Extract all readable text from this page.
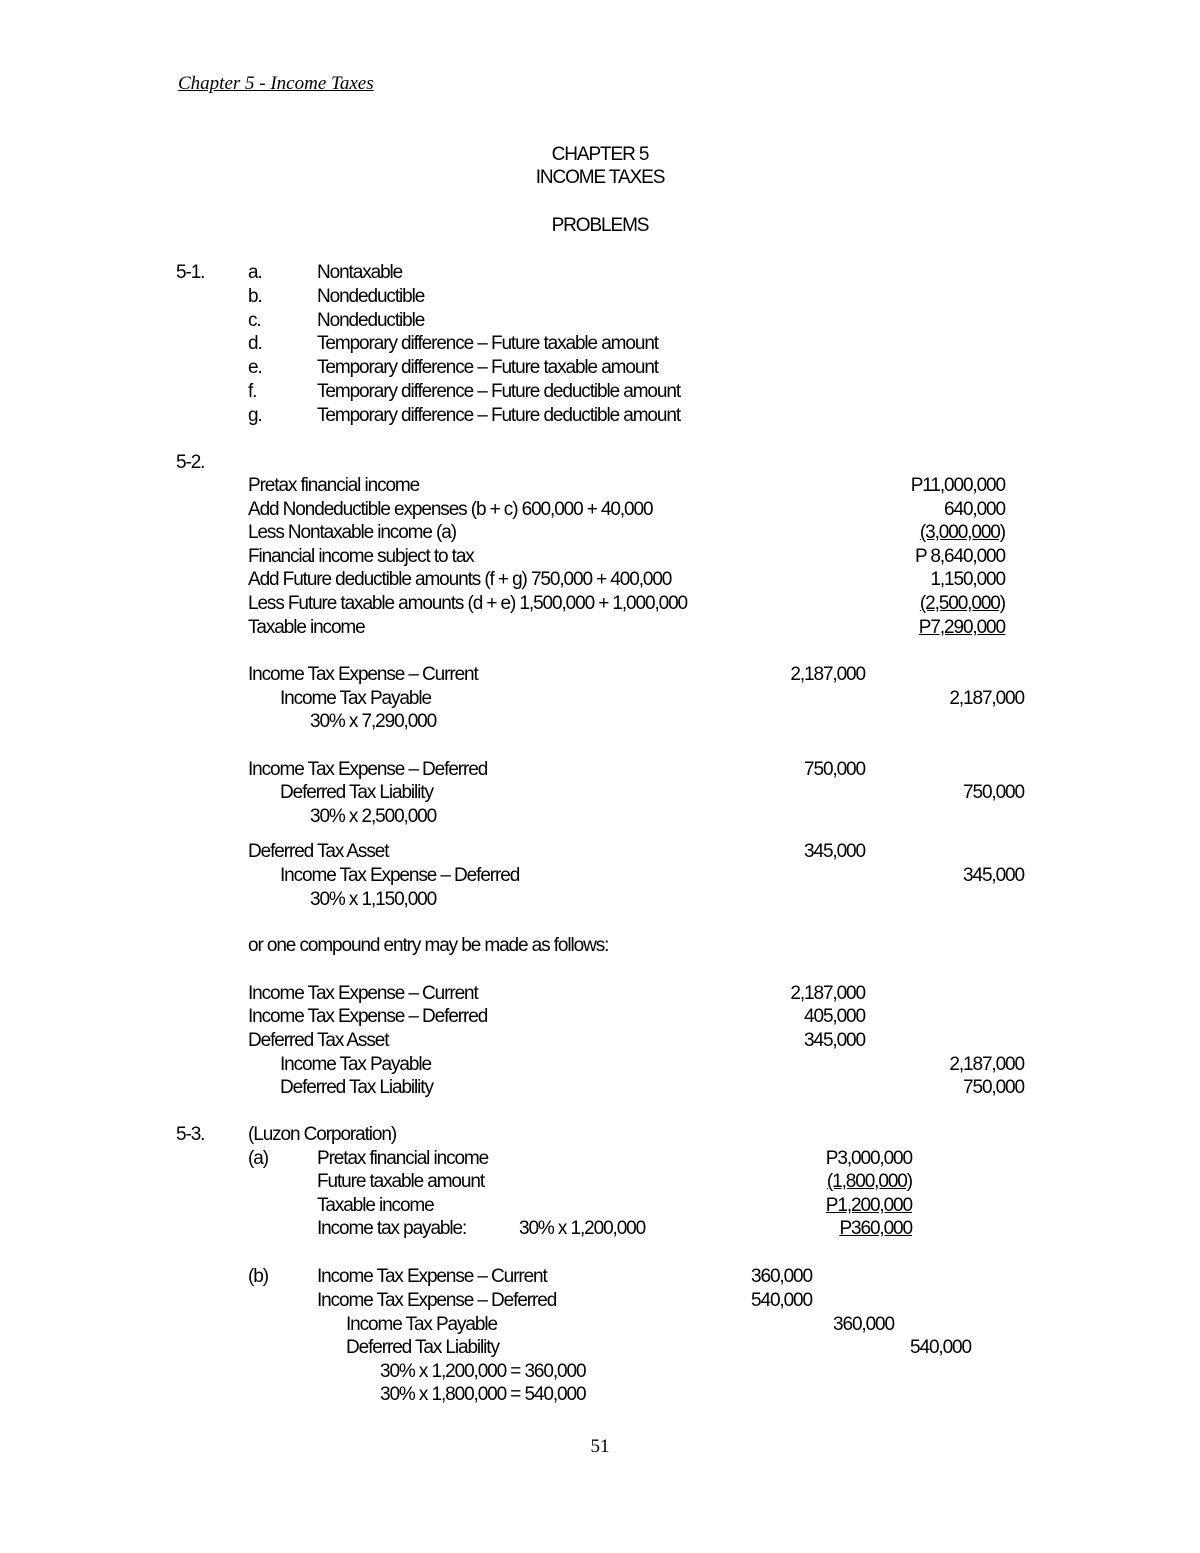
Chapter 5 - Income Taxes
CHAPTER 5
INCOME TAXES
PROBLEMS
5-1. a.	Nontaxable
b.	Nondeductible
c.	Nondeductible
d.	Temporary difference – Future taxable amount
e.	Temporary difference – Future taxable amount
f.	Temporary difference – Future deductible amount
g.	Temporary difference – Future deductible amount
5-2.
Pretax financial income	P11,000,000
Add Nondeductible expenses (b + c) 600,000 + 40,000	640,000
Less Nontaxable income (a)	(3,000,000)
Financial income subject to tax	P 8,640,000
Add Future deductible amounts (f + g) 750,000 + 400,000	1,150,000
Less Future taxable amounts (d + e) 1,500,000 + 1,000,000	(2,500,000)
Taxable income	P7,290,000
Income Tax Expense – Current	2,187,000
Income Tax Payable	2,187,000
30% x 7,290,000
Income Tax Expense – Deferred	750,000
Deferred Tax Liability	750,000
30% x 2,500,000
Deferred Tax Asset	345,000
Income Tax Expense – Deferred	345,000
30% x 1,150,000
or one compound entry may be made as follows:
Income Tax Expense – Current	2,187,000
Income Tax Expense – Deferred	405,000
Deferred Tax Asset	345,000
Income Tax Payable	2,187,000
Deferred Tax Liability	750,000
5-3. (Luzon Corporation)
(a)	Pretax financial income	P3,000,000
Future taxable amount	(1,800,000)
Taxable income	P1,200,000
Income tax payable:	30% x 1,200,000	P360,000
(b)	Income Tax Expense – Current	360,000
Income Tax Expense – Deferred	540,000
Income Tax Payable	360,000
Deferred Tax Liability	540,000
30% x 1,200,000 = 360,000
30% x 1,800,000 = 540,000
51
